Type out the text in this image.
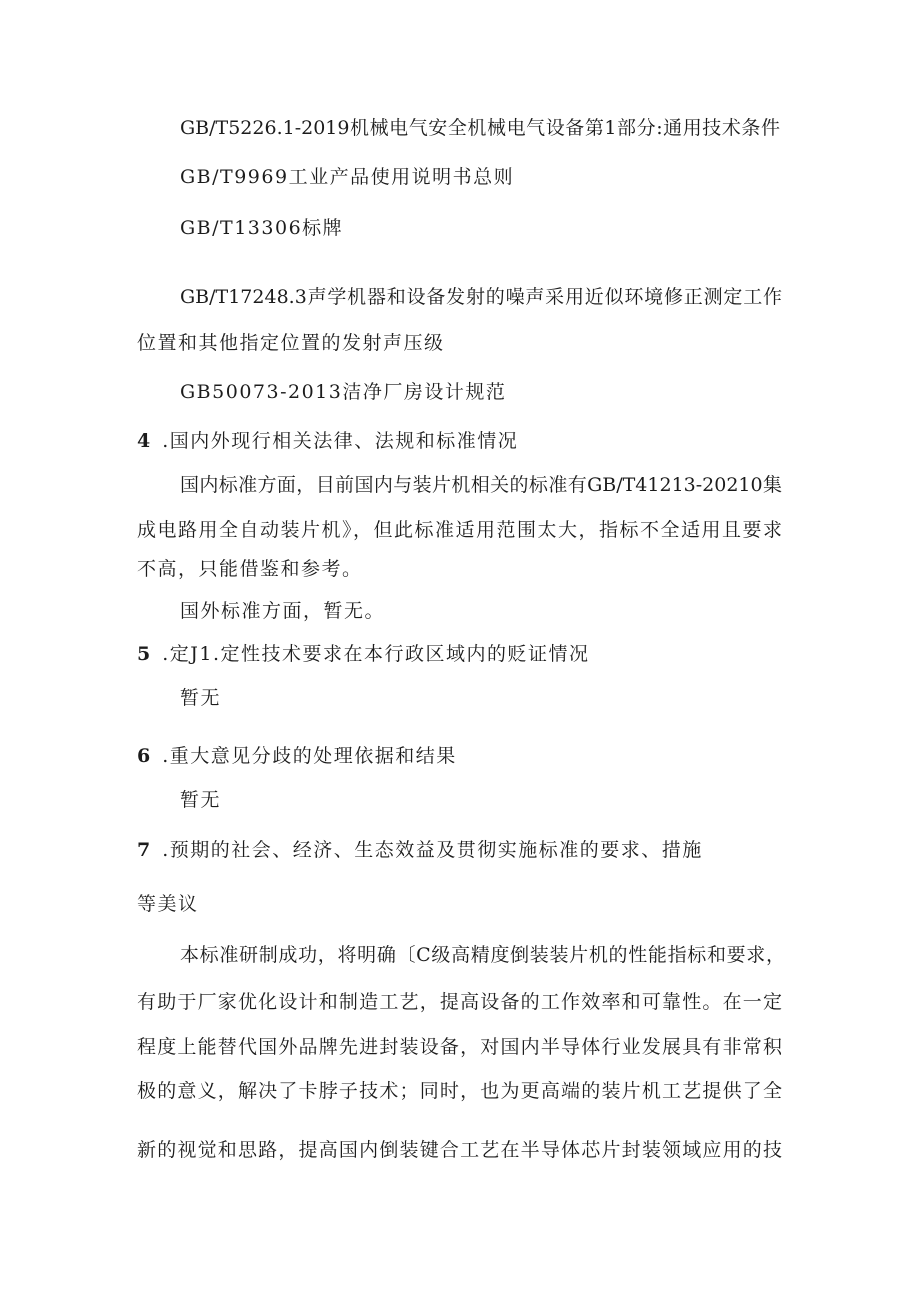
GB/T5226.1-2019机械电气安全机械电气设备第1部分:通用技术条件
GB/T9969工业产品使用说明书总则
GB/T13306标牌
GB/T17248.3声学机器和设备发射的噪声采用近似环境修正测定工作
位置和其他指定位置的发射声压级
GB50073-2013洁净厂房设计规范
4 .国内外现行相关法律、法规和标准情况
国内标准方面，目前国内与装片机相关的标准有GB/T41213-20210集
成电路用全自动装片机》，但此标准适用范围太大，指标不全适用且要求
不高，只能借鉴和参考。
国外标准方面，暂无。
5 .定J1.定性技术要求在本行政区域内的贬证情况
暂无
6 .重大意见分歧的处理依据和结果
暂无
7 .预期的社会、经济、生态效益及贯彻实施标准的要求、措施
等美议
本标准研制成功，将明确〔C级高精度倒装装片机的性能指标和要求，
有助于厂家优化设计和制造工艺，提高设备的工作效率和可靠性。在一定
程度上能替代国外品牌先进封装设备，对国内半导体行业发展具有非常积
极的意义，解决了卡脖子技术；同时，也为更高端的装片机工艺提供了全
新的视觉和思路，提高国内倒装键合工艺在半导体芯片封装领域应用的技
